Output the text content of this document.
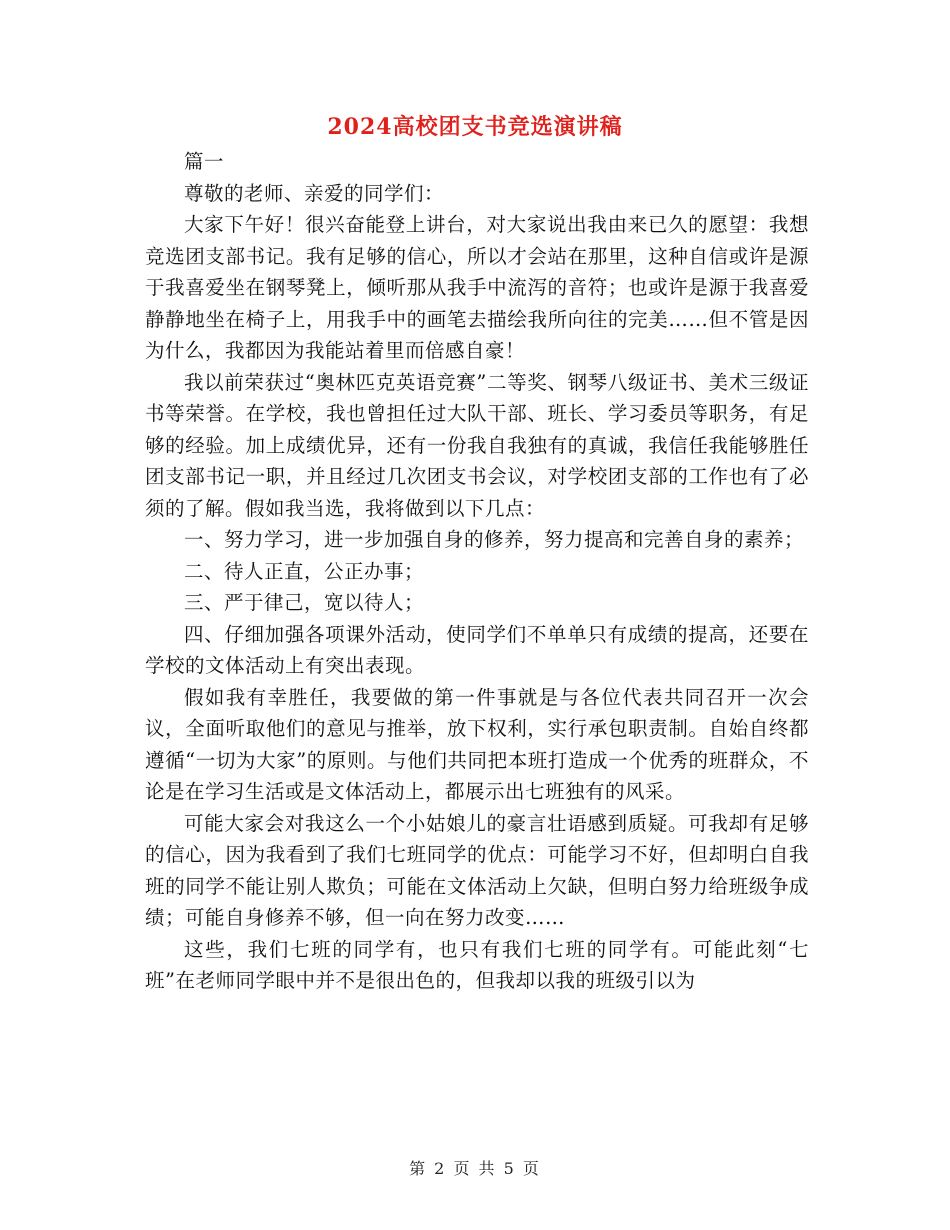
2024高校团支书竞选演讲稿

篇一

尊敬的老师、亲爱的同学们：

大家下午好！很兴奋能登上讲台，对大家说出我由来已久的愿望：我想竞选团支部书记。我有足够的信心，所以才会站在那里，这种自信或许是源于我喜爱坐在钢琴凳上，倾听那从我手中流泻的音符；也或许是源于我喜爱静静地坐在椅子上，用我手中的画笔去描绘我所向往的完美……但不管是因为什么，我都因为我能站着里而倍感自豪！

我以前荣获过“奥林匹克英语竞赛”二等奖、钢琴八级证书、美术三级证书等荣誉。在学校，我也曾担任过大队干部、班长、学习委员等职务，有足够的经验。加上成绩优异，还有一份我自我独有的真诚，我信任我能够胜任团支部书记一职，并且经过几次团支书会议，对学校团支部的工作也有了必须的了解。假如我当选，我将做到以下几点：

一、努力学习，进一步加强自身的修养，努力提高和完善自身的素养；

二、待人正直，公正办事；

三、严于律己，宽以待人；

四、仔细加强各项课外活动，使同学们不单单只有成绩的提高，还要在学校的文体活动上有突出表现。

假如我有幸胜任，我要做的第一件事就是与各位代表共同召开一次会议，全面听取他们的意见与推举，放下权利，实行承包职责制。自始自终都遵循“一切为大家”的原则。与他们共同把本班打造成一个优秀的班群众，不论是在学习生活或是文体活动上，都展示出七班独有的风采。

可能大家会对我这么一个小姑娘儿的豪言壮语感到质疑。可我却有足够的信心，因为我看到了我们七班同学的优点：可能学习不好，但却明白自我班的同学不能让别人欺负；可能在文体活动上欠缺，但明白努力给班级争成绩；可能自身修养不够，但一向在努力改变……

这些，我们七班的同学有，也只有我们七班的同学有。可能此刻“七班”在老师同学眼中并不是很出色的，但我却以我的班级引以为

第 2 页 共 5 页
